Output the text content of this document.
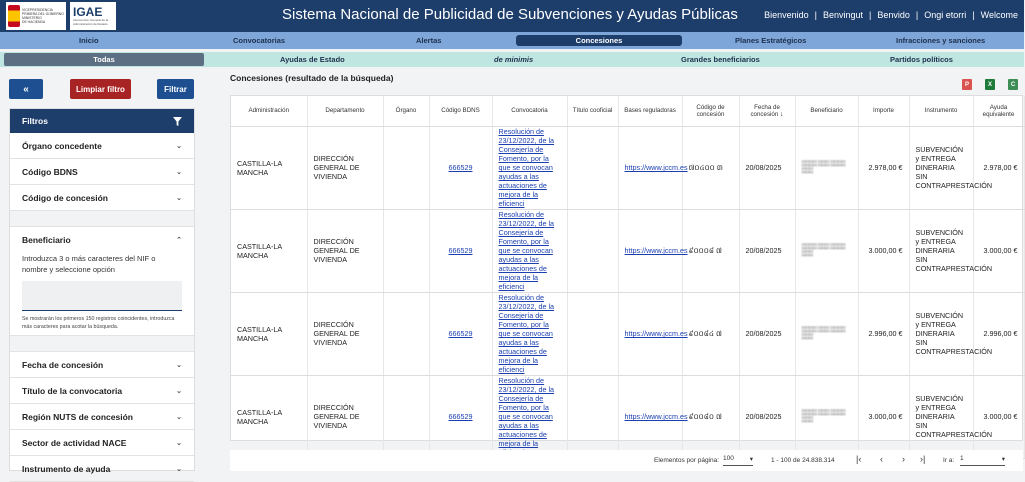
VICEPRESIDENCIA
PRIMERA DEL GOBIERNO
MINISTERIO
DE HACIENDA
IGAE
Intervención General de la Administración del Estado
Sistema Nacional de Publicidad de Subvenciones y Ayudas Públicas	Bienvenido | Benvingut | Benvido | Ongi etorri | Welcome
Inicio	Convocatorias	Alertas	Concesiones	Planes Estratégicos	Infracciones y sanciones
Todas	Ayudas de Estado	de minimis	Grandes beneficiarios	Partidos políticos
«	Limpiar filtro	Filtrar
Filtros
Órgano concedente	⌄
Código BDNS	⌄
Código de concesión	⌄
Beneficiario	⌃
Introduzca 3 o más caracteres del NIF o nombre y seleccione opción
Se mostrarán los primeros 150 registros coincidentes, introduzca más caracteres para acotar la búsqueda.
Fecha de concesión	⌄
Título de la convocatoria	⌄
Región NUTS de concesión	⌄
Sector de actividad NACE	⌄
Instrumento de ayuda	⌄
Concesiones (resultado de la búsqueda)
P	X	C
Administración	Departamento	Órgano	Código BDNS	Convocatoria	Título cooficial	Bases reguladoras	Código de concesión	Fecha de concesión ↓	Beneficiario	Importe	Instrumento	Ayuda equivalente
CASTILLA-LA MANCHA	DIRECCIÓN GENERAL DE VIVIENDA		666529	Resolución de 23/12/2022, de la Consejería de Fomento, por la que se convocan ayudas a las actuaciones de mejora de la eficienci		https://www.jccm.es	៧០៤០០ ៣	20/08/2025	▒▒▒▒ ▒▒▒ ▒▒▒▒ ▒▒▒	2.978,00 €	SUBVENCIÓN y ENTREGA DINERARIA SIN CONTRAPRESTACIÓN	2.978,00 €
CASTILLA-LA MANCHA	DIRECCIÓN GENERAL DE VIVIENDA		666529	Resolución de 23/12/2022, de la Consejería de Fomento, por la que se convocan ayudas a las actuaciones de mejora de la eficienci		https://www.jccm.es	៩០០០៨ ៧	20/08/2025	▒▒▒▒ ▒▒▒ ▒▒▒▒ ▒▒▒	3.000,00 €	SUBVENCIÓN y ENTREGA DINERARIA SIN CONTRAPRESTACIÓN	3.000,00 €
CASTILLA-LA MANCHA	DIRECCIÓN GENERAL DE VIVIENDA		666529	Resolución de 23/12/2022, de la Consejería de Fomento, por la que se convocan ayudas a las actuaciones de mejora de la eficienci		https://www.jccm.es	៩០០៨៤ ៧	20/08/2025	▒▒▒▒ ▒▒▒ ▒▒▒▒ ▒▒▒	2.996,00 €	SUBVENCIÓN y ENTREGA DINERARIA SIN CONTRAPRESTACIÓN	2.996,00 €
CASTILLA-LA MANCHA	DIRECCIÓN GENERAL DE VIVIENDA		666529	Resolución de 23/12/2022, de la Consejería de Fomento, por la que se convocan ayudas a las actuaciones de mejora de la		https://www.jccm.es	៩០០៨០ ៧	20/08/2025	▒▒▒▒ ▒▒▒ ▒▒▒▒ ▒▒▒	3.000,00 €	SUBVENCIÓN y ENTREGA DINERARIA SIN CONTRAPRESTACIÓN	3.000,00 €
Elementos por página: 100 ▾	1 - 100 de 24.838.314 |‹ ‹ › ›|	Ir a: 1	▾
